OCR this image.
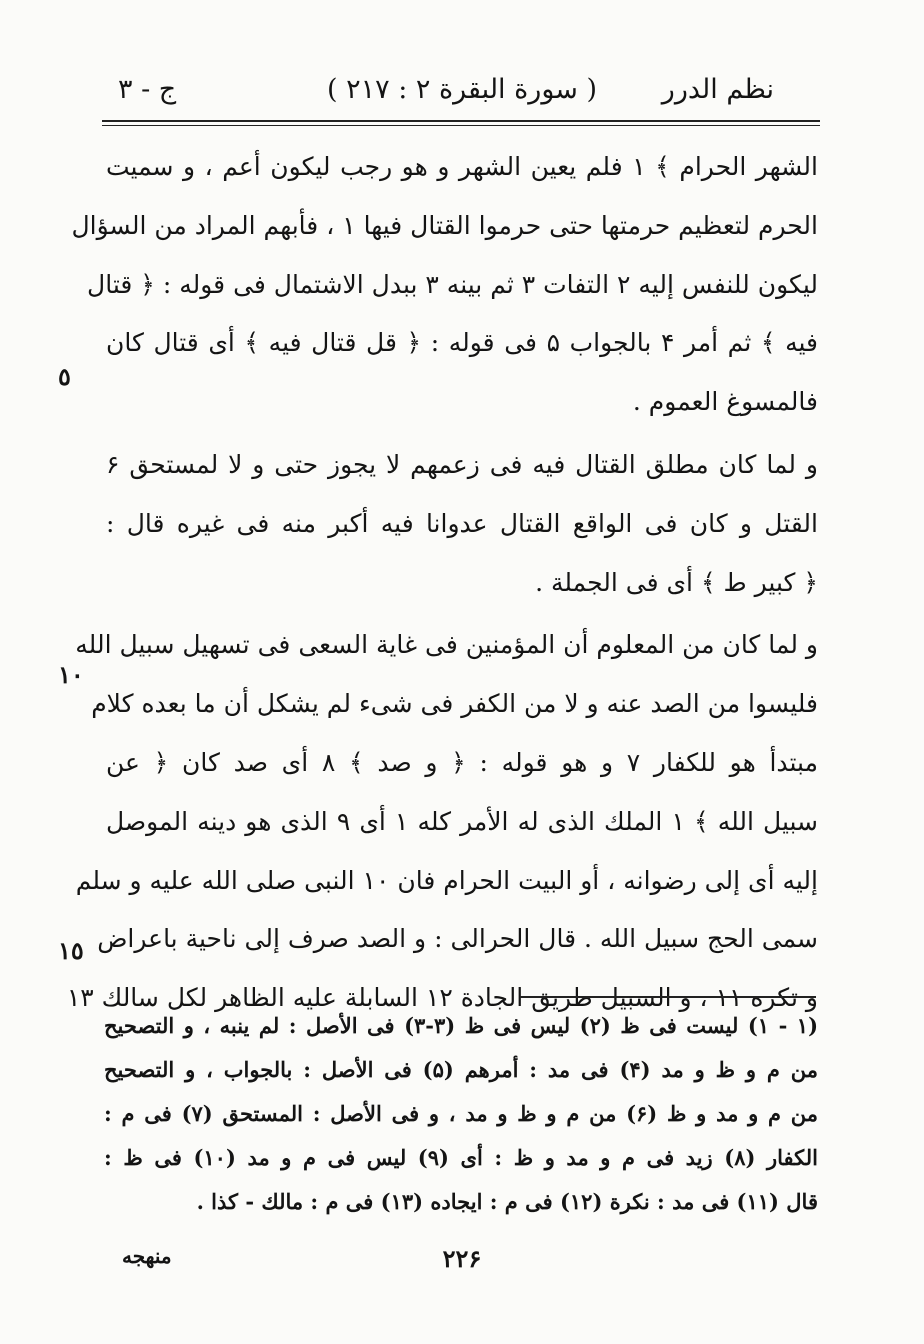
نظم الدرر
( سورة البقرة ۲ : ۲۱۷ )
ج - ۳
الشهر الحرام ﴾ ۱ فلم يعين الشهر و هو رجب ليكون أعم ، و سميت
الحرم لتعظيم حرمتها حتى حرموا القتال فيها ۱ ، فأبهم المراد من السؤال
ليكون للنفس إليه ۲ التفات ۳ ثم بينه ۳ ببدل الاشتمال فى قوله : ﴿ قتال
فيه ﴾ ثم أمر ۴ بالجواب ۵ فى قوله : ﴿ قل قتال فيه ﴾ أى قتال كان
فالمسوغ العموم .
و لما كان مطلق القتال فيه فى زعمهم لا يجوز حتى و لا لمستحق ۶
القتل و كان فى الواقع القتال عدوانا فيه أكبر منه فى غيره قال :
﴿ كبير ط ﴾ أى فى الجملة .
و لما كان من المعلوم أن المؤمنين فى غاية السعى فى تسهيل سبيل الله
فليسوا من الصد عنه و لا من الكفر فى شىء لم يشكل أن ما بعده كلام
مبتدأ هو للكفار ۷ و هو قوله : ﴿ و صد ﴾ ۸ أى صد كان ﴿ عن
سبيل الله ﴾ ۱ الملك الذى له الأمر كله ۱ أى ۹ الذى هو دينه الموصل
إليه أى إلى رضوانه ، أو البيت الحرام فان ۱۰ النبى صلى الله عليه و سلم
سمى الحج سبيل الله . قال الحرالى : و الصد صرف إلى ناحية باعراض
و تكره ۱۱ ، و السبيل طريق الجادة ۱۲ السابلة عليه الظاهر لكل سالك ۱۳
٥
١٠
١٥
(۱ - ۱) ليست فى ظ (۲) ليس فى ظ (۳-۳) فى الأصل : لم ينبه ، و التصحيح
من م و ظ و مد (۴) فى مد : أمرهم (۵) فى الأصل : بالجواب ، و التصحيح
من م و مد و ظ (۶) من م و ظ و مد ، و فى الأصل : المستحق (۷) فى م :
الكفار (۸) زيد فى م و مد و ظ : أى (۹) ليس فى م و مد (۱۰) فى ظ :
قال (۱۱) فى مد : نكرة (۱۲) فى م : ايجاده (۱۳) فى م : مالك - كذا .
۲۲۶
منهجه
